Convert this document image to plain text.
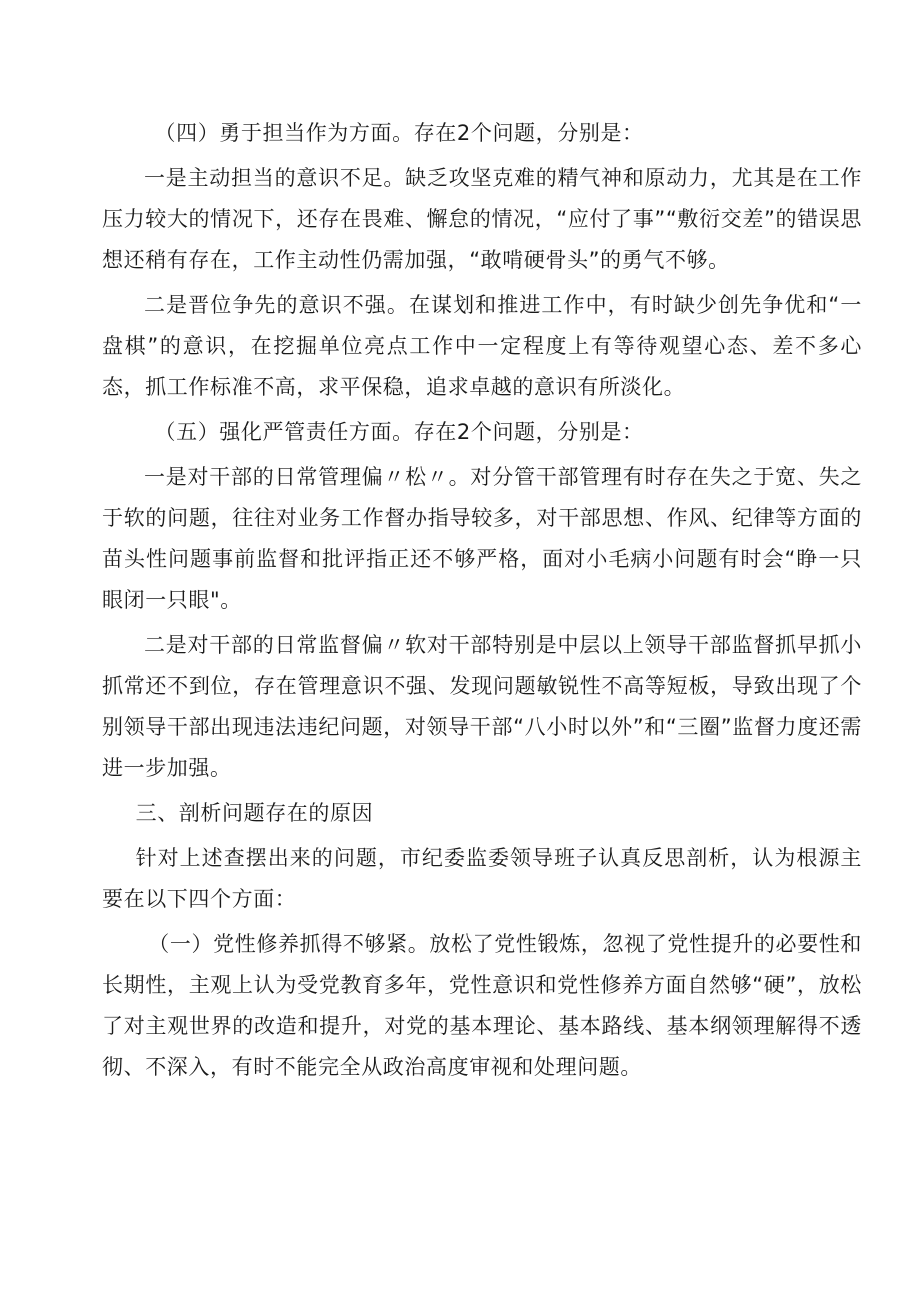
（四）勇于担当作为方面。存在2个问题，分别是：

一是主动担当的意识不足。缺乏攻坚克难的精气神和原动力，尤其是在工作压力较大的情况下，还存在畏难、懈怠的情况，“应付了事”“敷衍交差”的错误思想还稍有存在，工作主动性仍需加强，“敢啃硬骨头”的勇气不够。

二是晋位争先的意识不强。在谋划和推进工作中，有时缺少创先争优和“一盘棋”的意识，在挖掘单位亮点工作中一定程度上有等待观望心态、差不多心态，抓工作标准不高，求平保稳，追求卓越的意识有所淡化。

（五）强化严管责任方面。存在2个问题，分别是：

一是对干部的日常管理偏〃松〃。对分管干部管理有时存在失之于宽、失之于软的问题，往往对业务工作督办指导较多，对干部思想、作风、纪律等方面的苗头性问题事前监督和批评指正还不够严格，面对小毛病小问题有时会“睁一只眼闭一只眼"。

二是对干部的日常监督偏〃软对干部特别是中层以上领导干部监督抓早抓小抓常还不到位，存在管理意识不强、发现问题敏锐性不高等短板，导致出现了个别领导干部出现违法违纪问题，对领导干部“八小时以外”和“三圈”监督力度还需进一步加强。

三、剖析问题存在的原因

针对上述查摆出来的问题，市纪委监委领导班子认真反思剖析，认为根源主要在以下四个方面：

（一）党性修养抓得不够紧。放松了党性锻炼，忽视了党性提升的必要性和长期性，主观上认为受党教育多年，党性意识和党性修养方面自然够“硬”，放松了对主观世界的改造和提升，对党的基本理论、基本路线、基本纲领理解得不透彻、不深入，有时不能完全从政治高度审视和处理问题。
